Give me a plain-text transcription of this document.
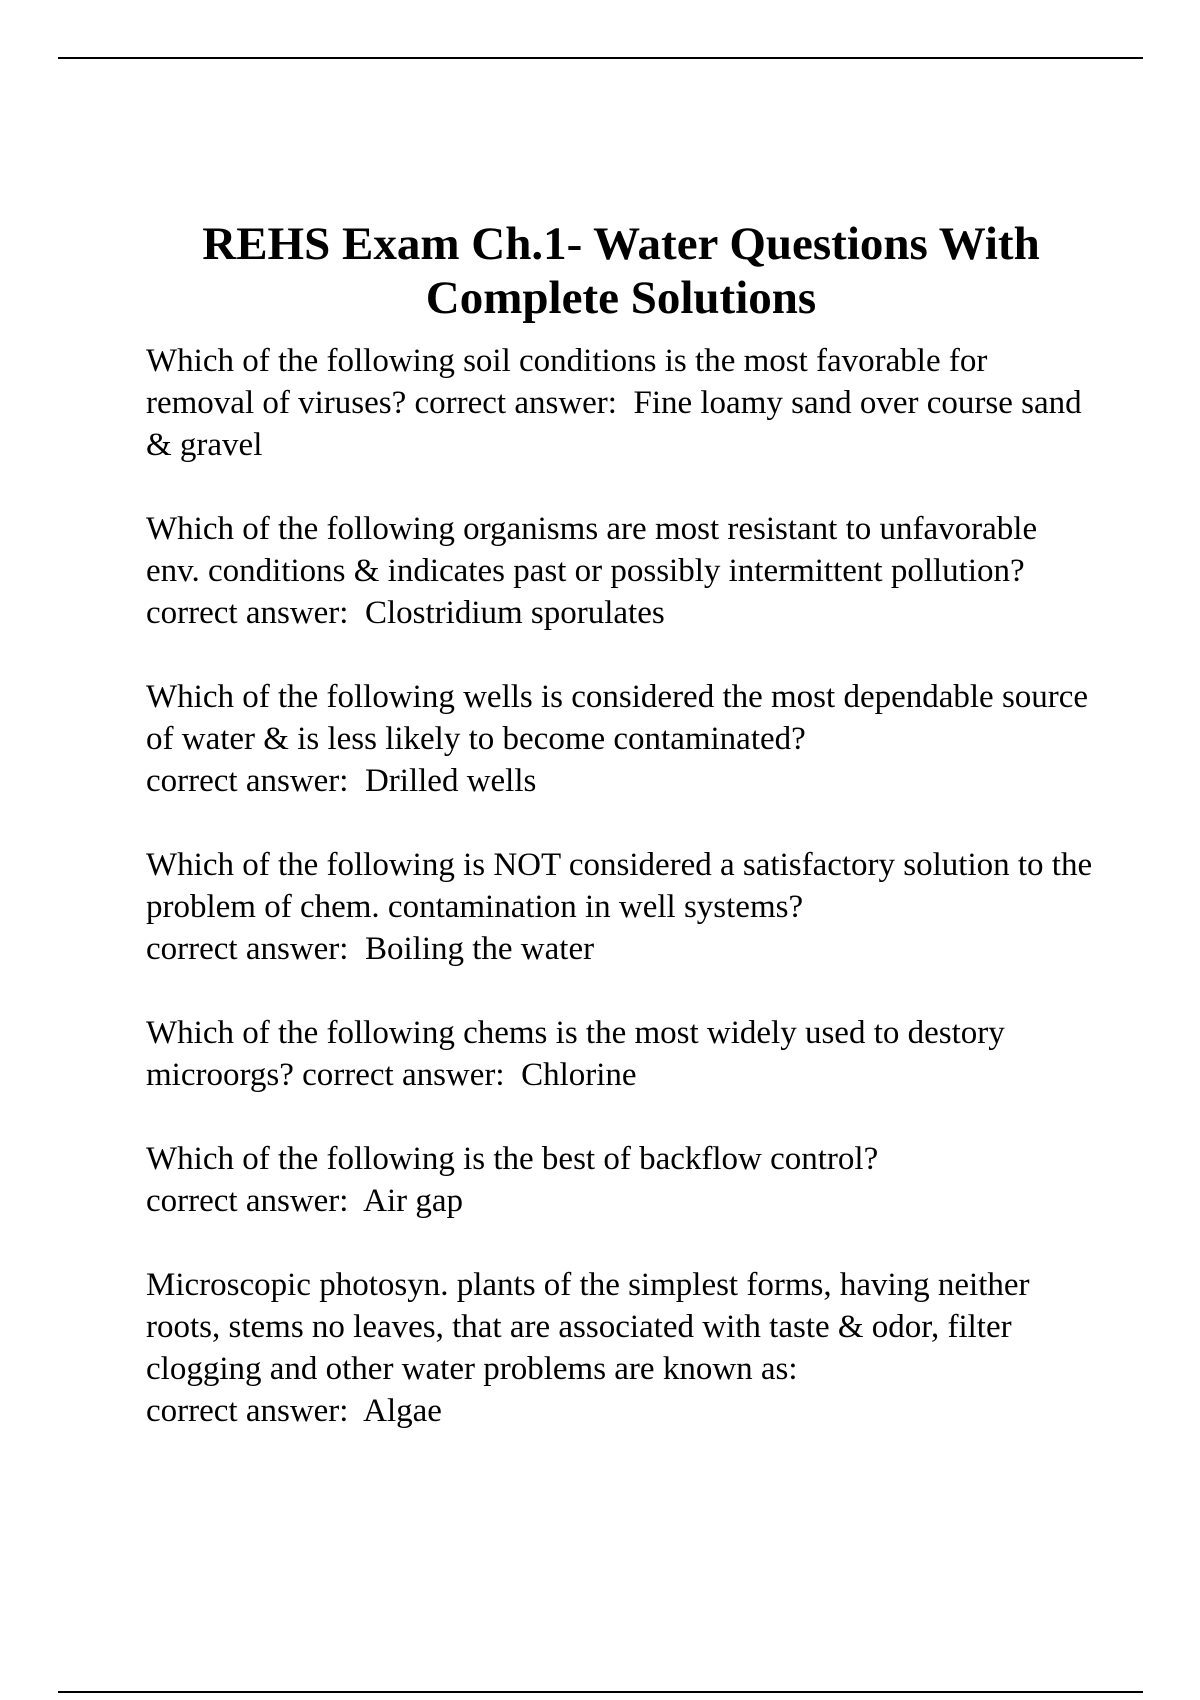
REHS Exam Ch.1- Water Questions With Complete Solutions

Which of the following soil conditions is the most favorable for removal of viruses? correct answer:  Fine loamy sand over course sand & gravel

Which of the following organisms are most resistant to unfavorable env. conditions & indicates past or possibly intermittent pollution? correct answer:  Clostridium sporulates

Which of the following wells is considered the most dependable source of water & is less likely to become contaminated? correct answer:  Drilled wells

Which of the following is NOT considered a satisfactory solution to the problem of chem. contamination in well systems? correct answer:  Boiling the water

Which of the following chems is the most widely used to destory microorgs? correct answer:  Chlorine

Which of the following is the best of backflow control? correct answer:  Air gap

Microscopic photosyn. plants of the simplest forms, having neither roots, stems no leaves, that are associated with taste & odor, filter clogging and other water problems are known as: correct answer:  Algae
